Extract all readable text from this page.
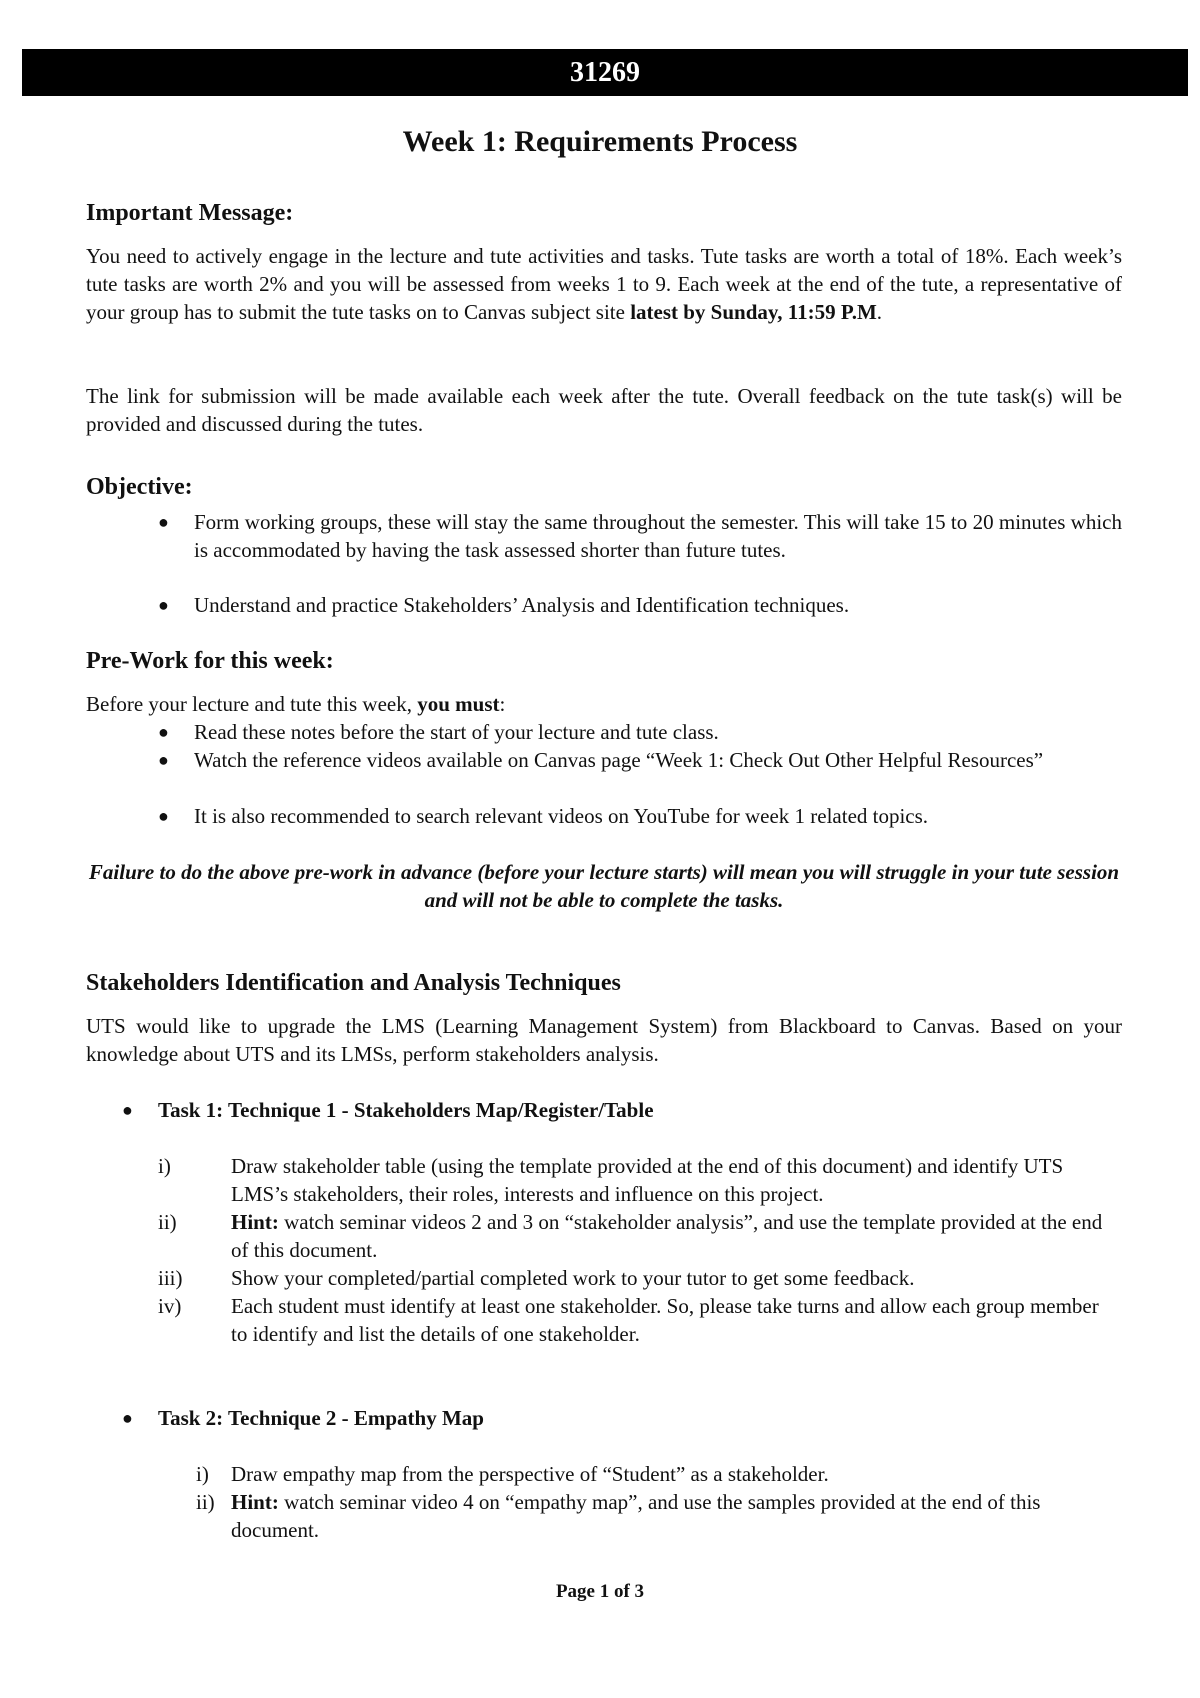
31269
Week 1: Requirements Process
Important Message:
You need to actively engage in the lecture and tute activities and tasks. Tute tasks are worth a total of 18%. Each week’s tute tasks are worth 2% and you will be assessed from weeks 1 to 9. Each week at the end of the tute, a representative of your group has to submit the tute tasks on to Canvas subject site latest by Sunday, 11:59 P.M.
The link for submission will be made available each week after the tute. Overall feedback on the tute task(s) will be provided and discussed during the tutes.
Objective:
● Form working groups, these will stay the same throughout the semester. This will take 15 to 20 minutes which is accommodated by having the task assessed shorter than future tutes.
● Understand and practice Stakeholders’ Analysis and Identification techniques.
Pre-Work for this week:
Before your lecture and tute this week, you must:
● Read these notes before the start of your lecture and tute class.
● Watch the reference videos available on Canvas page “Week 1: Check Out Other Helpful Resources”
● It is also recommended to search relevant videos on YouTube for week 1 related topics.
Failure to do the above pre-work in advance (before your lecture starts) will mean you will struggle in your tute session and will not be able to complete the tasks.
Stakeholders Identification and Analysis Techniques
UTS would like to upgrade the LMS (Learning Management System) from Blackboard to Canvas. Based on your knowledge about UTS and its LMSs, perform stakeholders analysis.
● Task 1: Technique 1 - Stakeholders Map/Register/Table
i)	Draw stakeholder table (using the template provided at the end of this document) and identify UTS LMS’s stakeholders, their roles, interests and influence on this project.
ii)	Hint: watch seminar videos 2 and 3 on “stakeholder analysis”, and use the template provided at the end of this document.
iii) Show your completed/partial completed work to your tutor to get some feedback.
iv) Each student must identify at least one stakeholder. So, please take turns and allow each group member to identify and list the details of one stakeholder.
● Task 2: Technique 2 - Empathy Map
i) Draw empathy map from the perspective of “Student” as a stakeholder.
ii) Hint: watch seminar video 4 on “empathy map”, and use the samples provided at the end of this document.
Page 1 of 3
